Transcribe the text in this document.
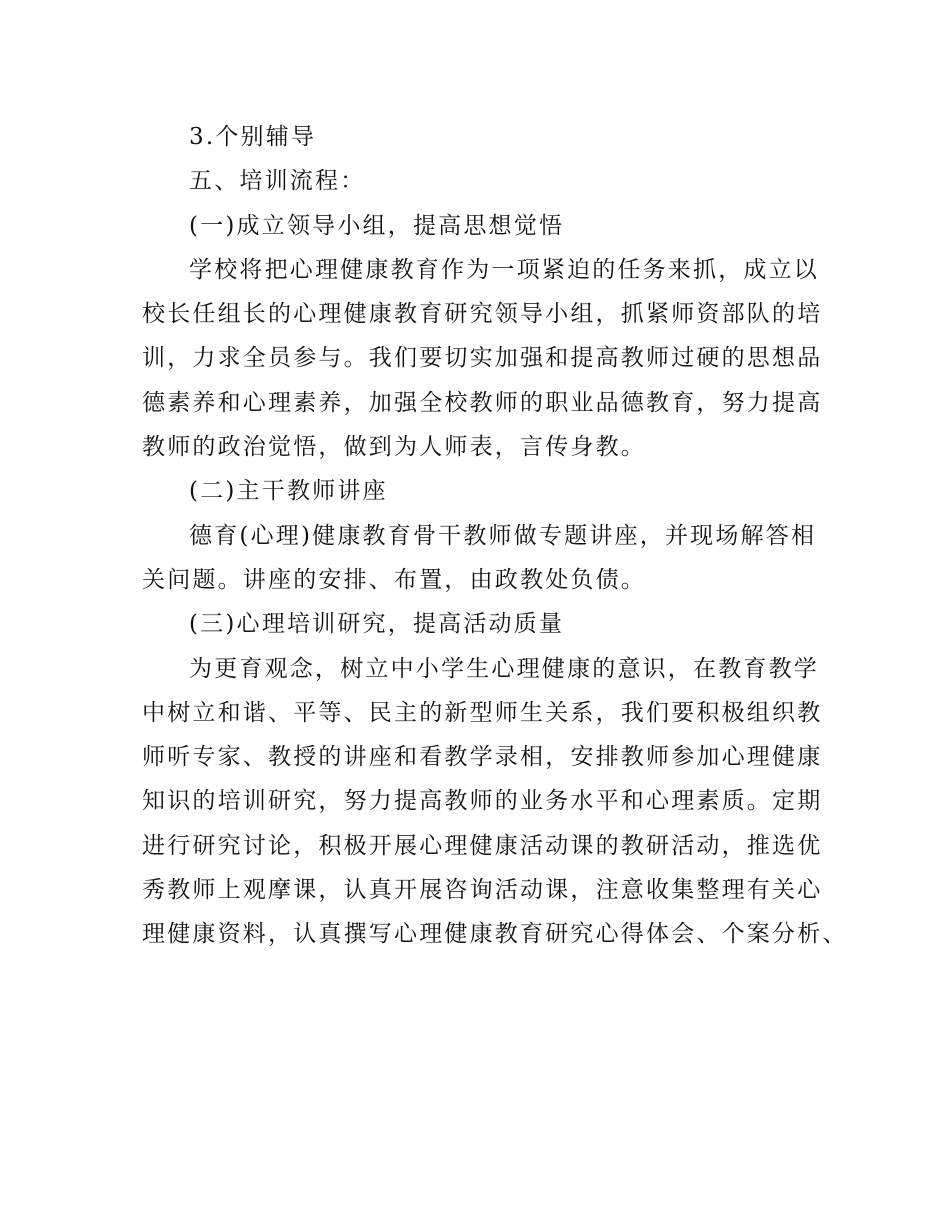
3.个别辅导
五、培训流程：
(一)成立领导小组，提高思想觉悟
学校将把心理健康教育作为一项紧迫的任务来抓，成立以
校长任组长的心理健康教育研究领导小组，抓紧师资部队的培
训，力求全员参与。我们要切实加强和提高教师过硬的思想品
德素养和心理素养，加强全校教师的职业品德教育，努力提高
教师的政治觉悟，做到为人师表，言传身教。
(二)主干教师讲座
德育(心理)健康教育骨干教师做专题讲座，并现场解答相
关问题。讲座的安排、布置，由政教处负债。
(三)心理培训研究，提高活动质量
为更育观念，树立中小学生心理健康的意识，在教育教学
中树立和谐、平等、民主的新型师生关系，我们要积极组织教
师听专家、教授的讲座和看教学录相，安排教师参加心理健康
知识的培训研究，努力提高教师的业务水平和心理素质。定期
进行研究讨论，积极开展心理健康活动课的教研活动，推选优
秀教师上观摩课，认真开展咨询活动课，注意收集整理有关心
理健康资料，认真撰写心理健康教育研究心得体会、个案分析、
